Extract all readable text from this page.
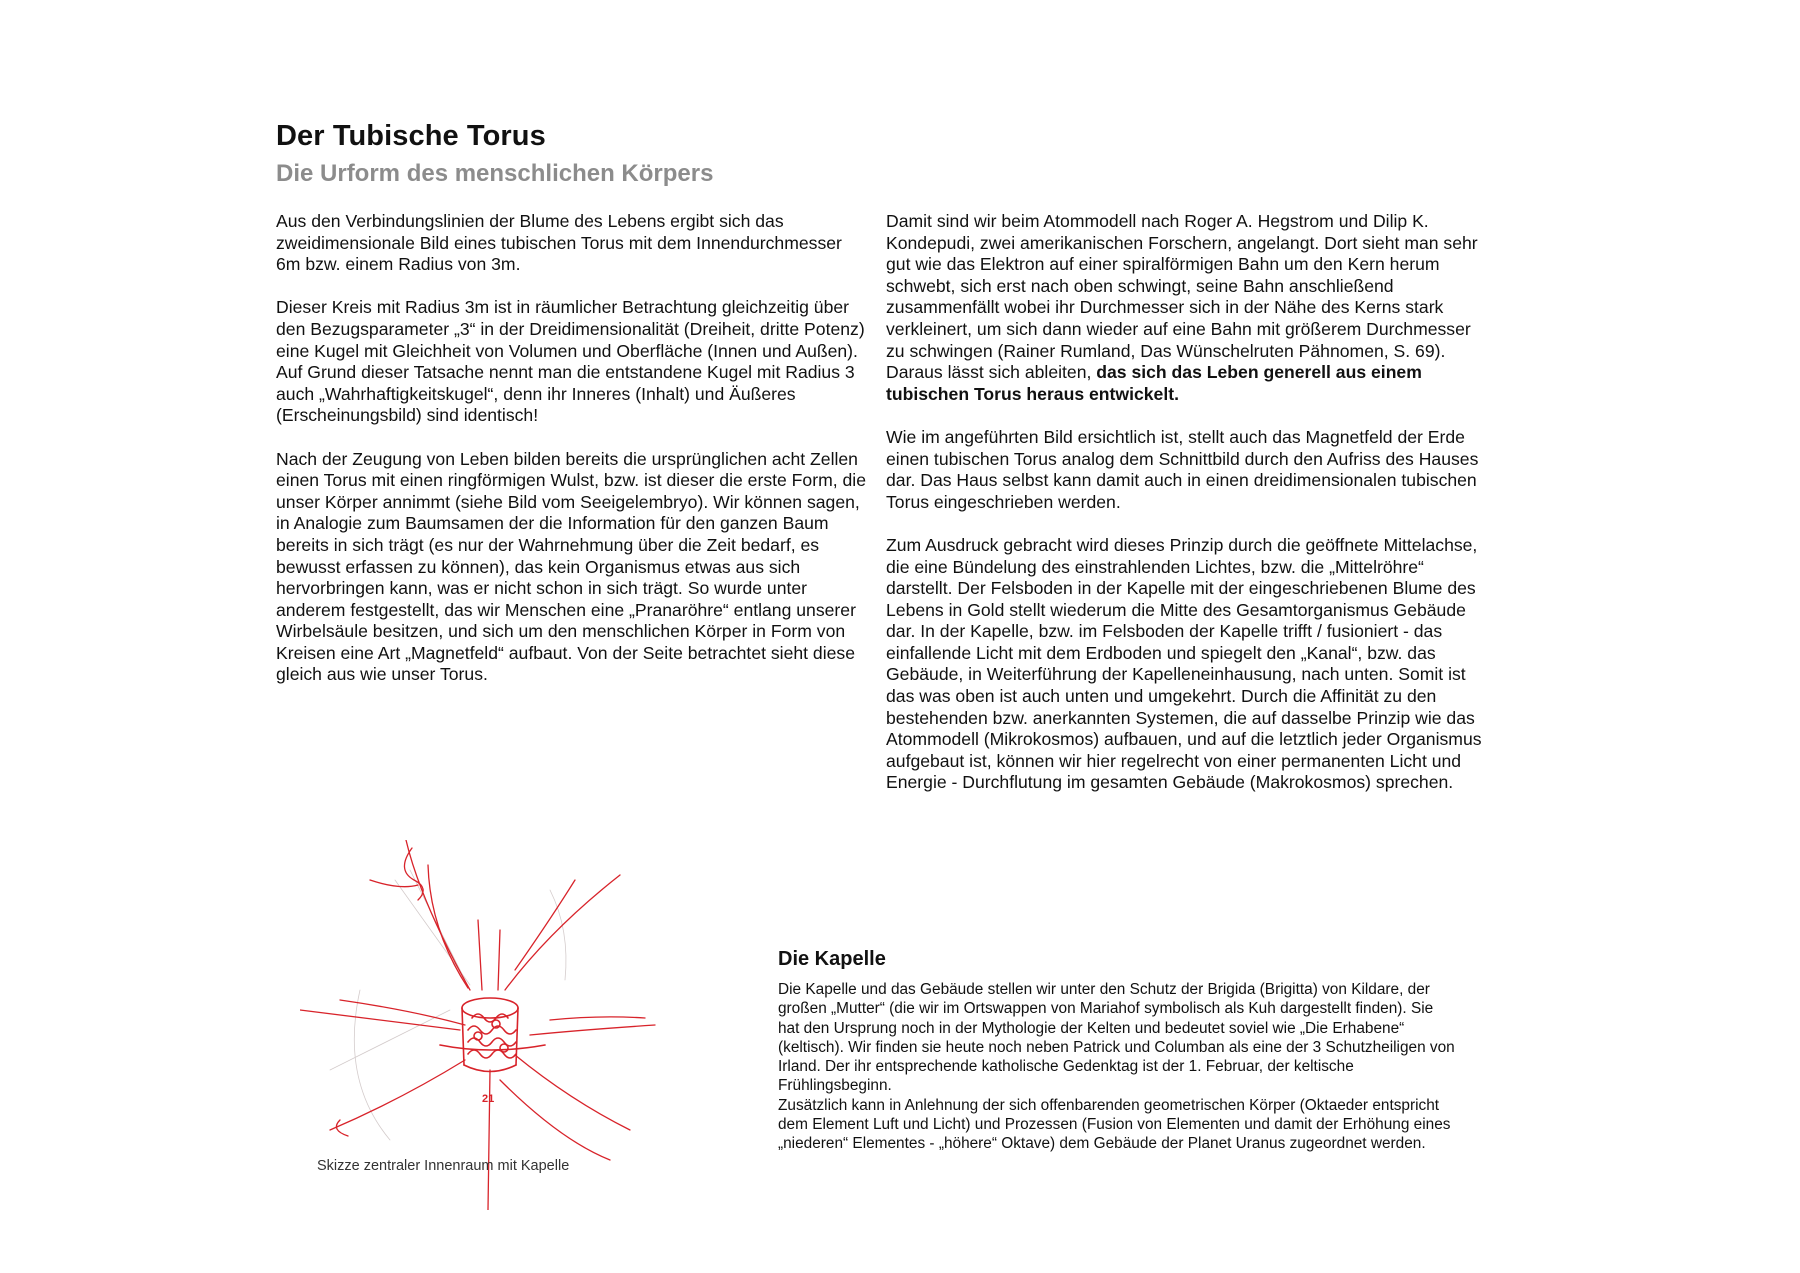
Der Tubische Torus
Die Urform des menschlichen Körpers

Aus den Verbindungslinien der Blume des Lebens ergibt sich das zweidimensionale Bild eines tubischen Torus mit dem Innendurchmesser 6m bzw. einem Radius von 3m.

Dieser Kreis mit Radius 3m ist in räumlicher Betrachtung gleichzeitig über den Bezugsparameter „3“ in der Dreidimensionalität (Dreiheit, dritte Potenz) eine Kugel mit Gleichheit von Volumen und Oberfläche (Innen und Außen).

Auf Grund dieser Tatsache nennt man die entstandene Kugel mit Radius 3 auch „Wahrhaftigkeitskugel“, denn ihr Inneres (Inhalt) und Äußeres (Erscheinungsbild) sind identisch!

Nach der Zeugung von Leben bilden bereits die ursprünglichen acht Zellen einen Torus mit einen ringförmigen Wulst, bzw. ist dieser die erste Form, die unser Körper annimmt (siehe Bild vom Seeigelembryo). Wir können sagen, in Analogie zum Baumsamen der die Information für den ganzen Baum bereits in sich trägt (es nur der Wahrnehmung über die Zeit bedarf, es bewusst erfassen zu können), das kein Organismus etwas aus sich hervorbringen kann, was er nicht schon in sich trägt. So wurde unter anderem festgestellt, das wir Menschen eine „Pranaröhre“ entlang unserer Wirbelsäule besitzen, und sich um den menschlichen Körper in Form von Kreisen eine Art „Magnetfeld“ aufbaut. Von der Seite betrachtet sieht diese gleich aus wie unser Torus.

Damit sind wir beim Atommodell nach Roger A. Hegstrom und Dilip K. Kondepudi, zwei amerikanischen Forschern, angelangt. Dort sieht man sehr gut wie das Elektron auf einer spiralförmigen Bahn um den Kern herum schwebt, sich erst nach oben schwingt, seine Bahn anschließend zusammenfällt wobei ihr Durchmesser sich in der Nähe des Kerns stark verkleinert, um sich dann wieder auf eine Bahn mit größerem Durchmesser zu schwingen (Rainer Rumland, Das Wünschelruten Pähnomen, S. 69). Daraus lässt sich ableiten, das sich das Leben generell aus einem tubischen Torus heraus entwickelt.

Wie im angeführten Bild ersichtlich ist, stellt auch das Magnetfeld der Erde einen tubischen Torus analog dem Schnittbild durch den Aufriss des Hauses dar. Das Haus selbst kann damit auch in einen dreidimensionalen tubischen Torus eingeschrieben werden.

Zum Ausdruck gebracht wird dieses Prinzip durch die geöffnete Mittelachse, die eine Bündelung des einstrahlenden Lichtes, bzw. die „Mittelröhre“ darstellt. Der Felsboden in der Kapelle mit der eingeschriebenen Blume des Lebens in Gold stellt wiederum die Mitte des Gesamtorganismus Gebäude dar. In der Kapelle, bzw. im Felsboden der Kapelle trifft / fusioniert - das einfallende Licht mit dem Erdboden und spiegelt den „Kanal“, bzw. das Gebäude, in Weiterführung der Kapelleneinhausung, nach unten. Somit ist das was oben ist auch unten und umgekehrt. Durch die Affinität zu den bestehenden bzw. anerkannten Systemen, die auf dasselbe Prinzip wie das Atommodell (Mikrokosmos) aufbauen, und auf die letztlich jeder Organismus aufgebaut ist, können wir hier regelrecht von einer permanenten Licht und Energie - Durchflutung im gesamten Gebäude (Makrokosmos) sprechen.

21
Skizze zentraler Innenraum mit Kapelle
Die Kapelle

Die Kapelle und das Gebäude stellen wir unter den Schutz der Brigida (Brigitta) von Kildare, der großen „Mutter“ (die wir im Ortswappen von Mariahof symbolisch als Kuh dargestellt finden). Sie hat den Ursprung noch in der Mythologie der Kelten und bedeutet soviel wie „Die Erhabene“ (keltisch). Wir finden sie heute noch neben Patrick und Columban als eine der 3 Schutzheiligen von Irland. Der ihr entsprechende katholische Gedenktag ist der 1. Februar, der keltische Frühlingsbeginn.

Zusätzlich kann in Anlehnung der sich offenbarenden geometrischen Körper (Oktaeder entspricht dem Element Luft und Licht) und Prozessen (Fusion von Elementen und damit der Erhöhung eines „niederen“ Elementes - „höhere“ Oktave) dem Gebäude der Planet Uranus zugeordnet werden.
